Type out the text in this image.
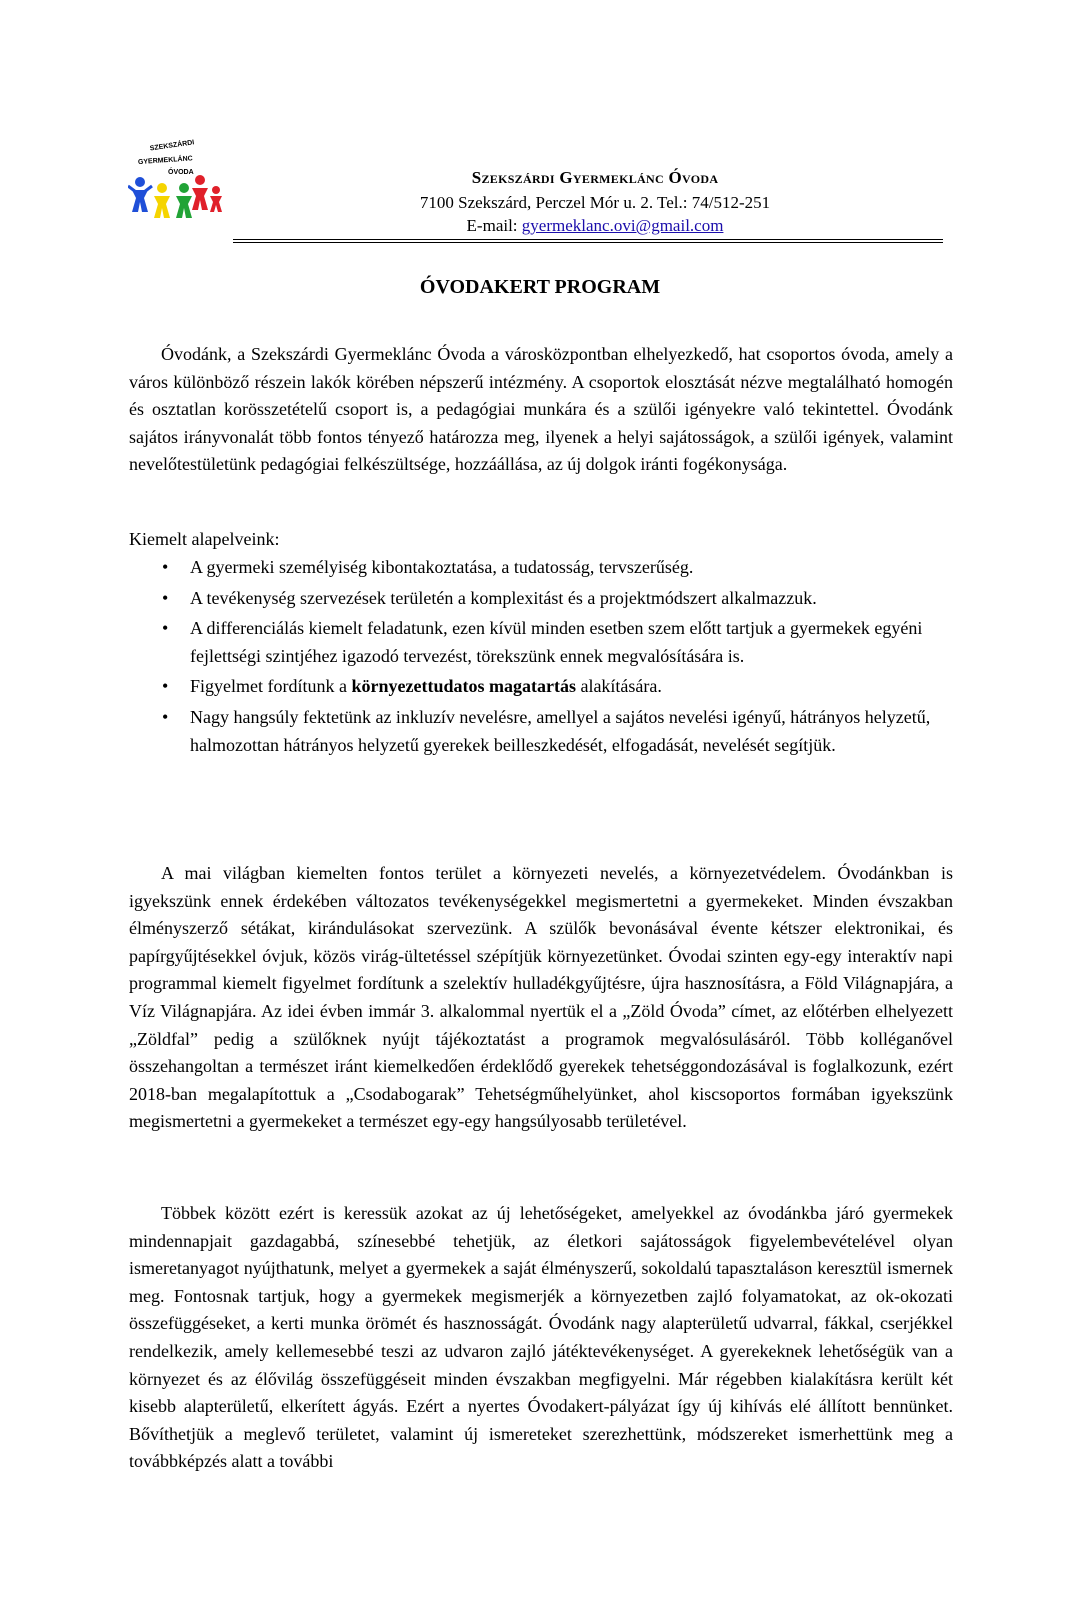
SZEKSZÁRDI
GYERMEKLÁNC
ÓVODA	Szekszárdi Gyermeklánc Óvoda
7100 Szekszárd, Perczel Mór u. 2. Tel.: 74/512-251
E-mail: gyermeklanc.ovi@gmail.com
ÓVODAKERT PROGRAM

Óvodánk, a Szekszárdi Gyermeklánc Óvoda a városközpontban elhelyezkedő, hat csoportos óvoda, amely a város különböző részein lakók körében népszerű intézmény. A csoportok elosztását nézve megtalálható homogén és osztatlan korösszetételű csoport is, a pedagógiai munkára és a szülői igényekre való tekintettel. Óvodánk sajátos irányvonalát több fontos tényező határozza meg, ilyenek a helyi sajátosságok, a szülői igények, valamint nevelőtestületünk pedagógiai felkészültsége, hozzáállása, az új dolgok iránti fogékonysága.

Kiemelt alapelveink:
• A gyermeki személyiség kibontakoztatása, a tudatosság, tervszerűség.
• A tevékenység szervezések területén a komplexitást és a projektmódszert alkalmazzuk.
• A differenciálás kiemelt feladatunk, ezen kívül minden esetben szem előtt tartjuk a gyermekek egyéni fejlettségi szintjéhez igazodó tervezést, törekszünk ennek megvalósítására is.
• Figyelmet fordítunk a környezettudatos magatartás alakítására.
• Nagy hangsúly fektetünk az inkluzív nevelésre, amellyel a sajátos nevelési igényű, hátrányos helyzetű, halmozottan hátrányos helyzetű gyerekek beilleszkedését, elfogadását, nevelését segítjük.

A mai világban kiemelten fontos terület a környezeti nevelés, a környezetvédelem. Óvodánkban is igyekszünk ennek érdekében változatos tevékenységekkel megismertetni a gyermekeket. Minden évszakban élményszerző sétákat, kirándulásokat szervezünk. A szülők bevonásával évente kétszer elektronikai, és papírgyűjtésekkel óvjuk, közös virág-ültetéssel szépítjük környezetünket. Óvodai szinten egy-egy interaktív napi programmal kiemelt figyelmet fordítunk a szelektív hulladékgyűjtésre, újra hasznosításra, a Föld Világnapjára, a Víz Világnapjára. Az idei évben immár 3. alkalommal nyertük el a „Zöld Óvoda” címet, az előtérben elhelyezett „Zöldfal” pedig a szülőknek nyújt tájékoztatást a programok megvalósulásáról. Több kolléganővel összehangoltan a természet iránt kiemelkedően érdeklődő gyerekek tehetséggondozásával is foglalkozunk, ezért 2018-ban megalapítottuk a „Csodabogarak” Tehetségműhelyünket, ahol kiscsoportos formában igyekszünk megismertetni a gyermekeket a természet egy-egy hangsúlyosabb területével.

Többek között ezért is keressük azokat az új lehetőségeket, amelyekkel az óvodánkba járó gyermekek mindennapjait gazdagabbá, színesebbé tehetjük, az életkori sajátosságok figyelembevételével olyan ismeretanyagot nyújthatunk, melyet a gyermekek a saját élményszerű, sokoldalú tapasztaláson keresztül ismernek meg. Fontosnak tartjuk, hogy a gyermekek megismerjék a környezetben zajló folyamatokat, az ok-okozati összefüggéseket, a kerti munka örömét és hasznosságát. Óvodánk nagy alapterületű udvarral, fákkal, cserjékkel rendelkezik, amely kellemesebbé teszi az udvaron zajló játéktevékenységet. A gyerekeknek lehetőségük van a környezet és az élővilág összefüggéseit minden évszakban megfigyelni. Már régebben kialakításra került két kisebb alapterületű, elkerített ágyás. Ezért a nyertes Óvodakert-pályázat így új kihívás elé állított bennünket. Bővíthetjük a meglevő területet, valamint új ismereteket szerezhettünk, módszereket ismerhettünk meg a továbbképzés alatt a további
